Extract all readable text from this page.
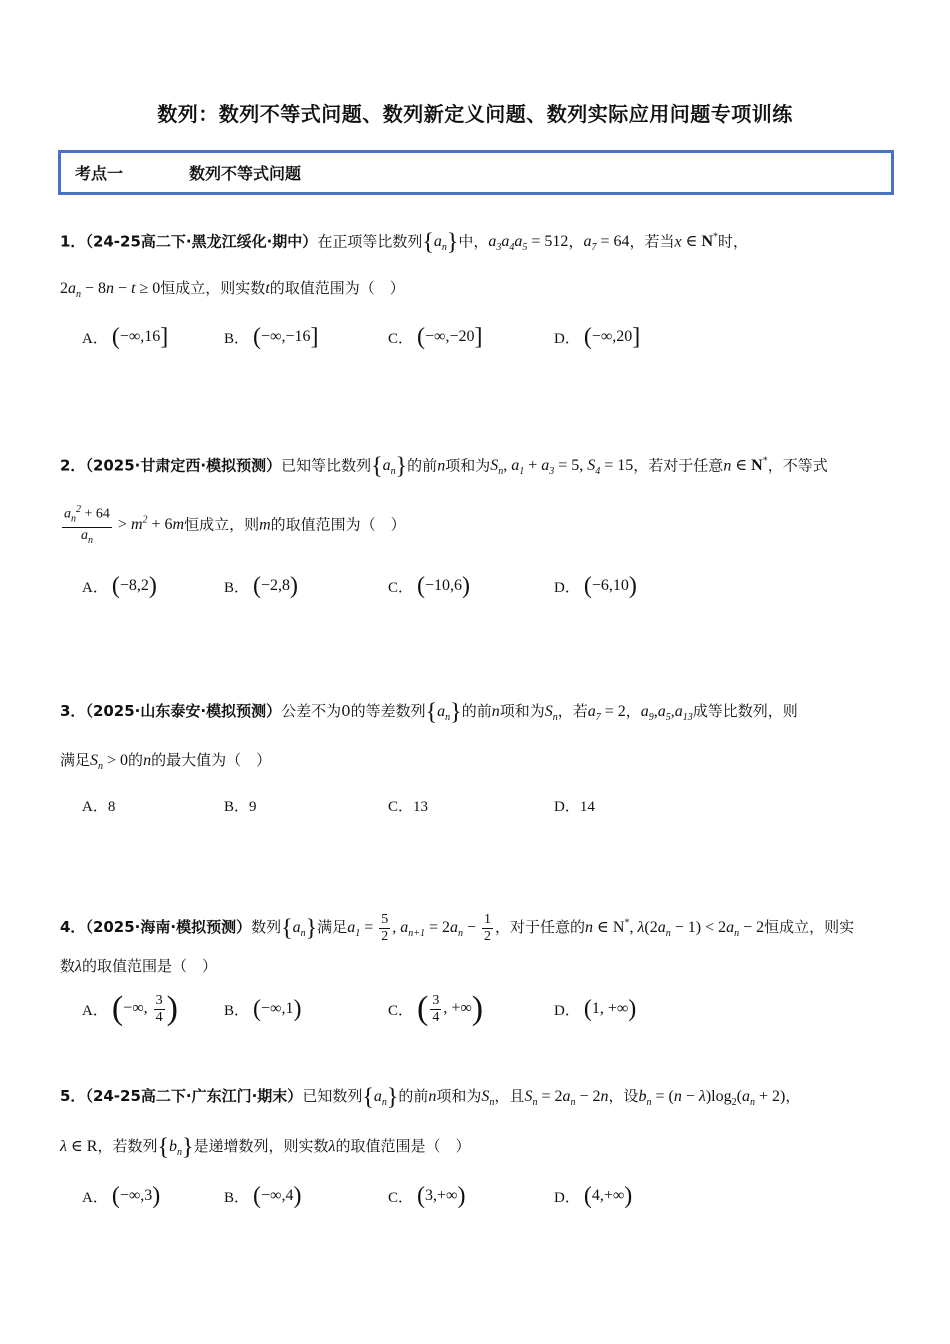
数列：数列不等式问题、数列新定义问题、数列实际应用问题专项训练
考点一	数列不等式问题
1．（24-25高二下·黑龙江绥化·期中）在正项等比数列$\{a_n\}$中，$a_3a_4a_5 = 512$，$a_7 = 64$，若当x ∈ N*时，
$2a_n - 8n - t \ge 0$恒成立，则实数t的取值范围为（　）
A． (−∞,16]	B． (−∞,−16]	C． (−∞,−20]	D． (−∞,20]
2．（2025·甘肃定西·模拟预测）已知等比数列$\{a_n\}$的前n项和为$S_n$, $a_1 + a_3 = 5$, $S_4 = 15$，若对于任意n ∈ N*，不等式
$\frac{a_n^2 + 64}{a_n} > m^2 + 6m$恒成立，则m的取值范围为（　）
A． (−8,2)	B． (−2,8)	C． (−10,6)	D． (−6,10)
3．（2025·山东泰安·模拟预测）公差不为0的等差数列$\{a_n\}$的前n项和为$S_n$，若$a_7 = 2$，$a_9,a_5,a_{13}$成等比数列，则
满足$S_n > 0$的n的最大值为（　）
A．8	B．9	C．13	D．14
4．（2025·海南·模拟预测）数列$\{a_n\}$满足$a_1 = \frac{5}{2}$ , $a_{n+1} = 2a_n - \frac{1}{2}$ ，对于任意的n ∈ N*, $\lambda(2a_n - 1) < 2a_n - 2$恒成立，则实
数λ的取值范围是（　）
A． (−∞, $\frac{3}{4}$ )	B． (−∞,1)	C． ( $\frac{3}{4}$ , +∞)	D． (1, +∞)
5．（24-25高二下·广东江门·期末）已知数列$\{a_n\}$的前n项和为$S_n$，且$S_n = 2a_n - 2n$，设$b_n = (n - \lambda)\log_2(a_n + 2)$，
λ ∈ R，若数列$\{b_n\}$是递增数列，则实数λ的取值范围是（　）
A． (−∞,3)	B． (−∞,4)	C． (3,+∞)	D． (4,+∞)
